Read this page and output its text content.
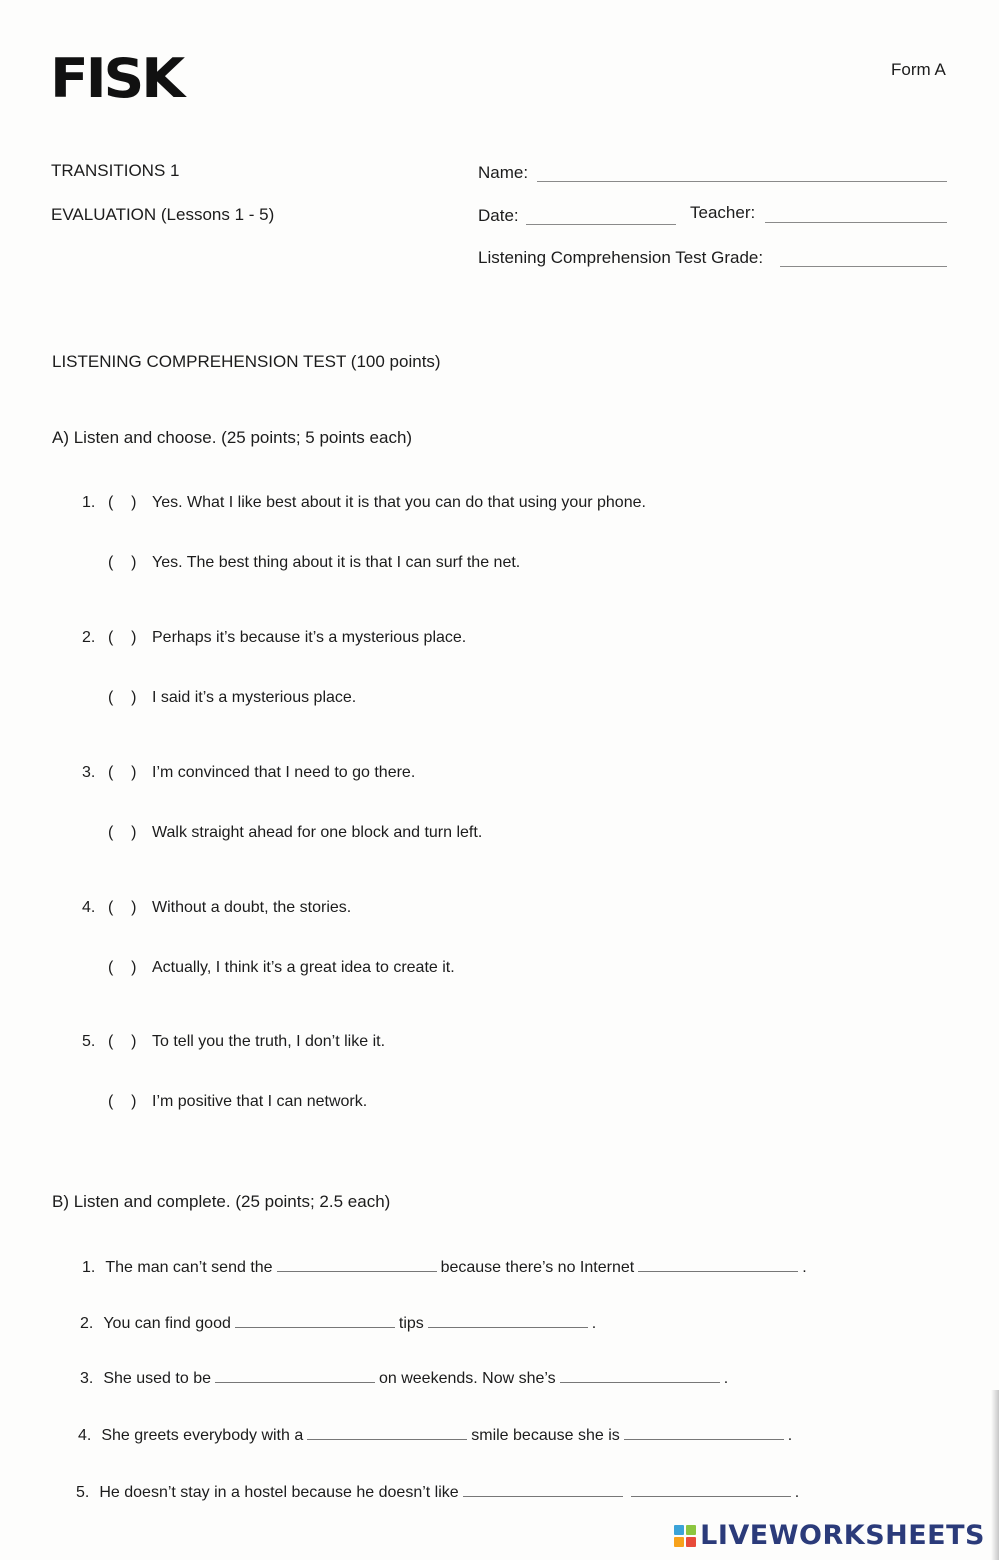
FISK	Form A
TRANSITIONS 1
EVALUATION (Lessons 1 - 5)
Name:
Date:	Teacher:
Listening Comprehension Test Grade:
LISTENING COMPREHENSION TEST (100 points)
A) Listen and choose. (25 points; 5 points each)
1. (    ) Yes. What I like best about it is that you can do that using your phone.
(    ) Yes. The best thing about it is that I can surf the net.
2. (    ) Perhaps it’s because it’s a mysterious place.
(    ) I said it’s a mysterious place.
3. (    ) I’m convinced that I need to go there.
(    ) Walk straight ahead for one block and turn left.
4. (    ) Without a doubt, the stories.
(    ) Actually, I think it’s a great idea to create it.
5. (    ) To tell you the truth, I don’t like it.
(    ) I’m positive that I can network.
B) Listen and complete. (25 points; 2.5 each)
1. The man can’t send the	because there’s no Internet	.
2. You can find good	tips	.
3. She used to be	on weekends. Now she’s	.
4. She greets everybody with a	smile because she is	.
5. He doesn’t stay in a hostel because he doesn’t like	.
LIVEWORKSHEETS
